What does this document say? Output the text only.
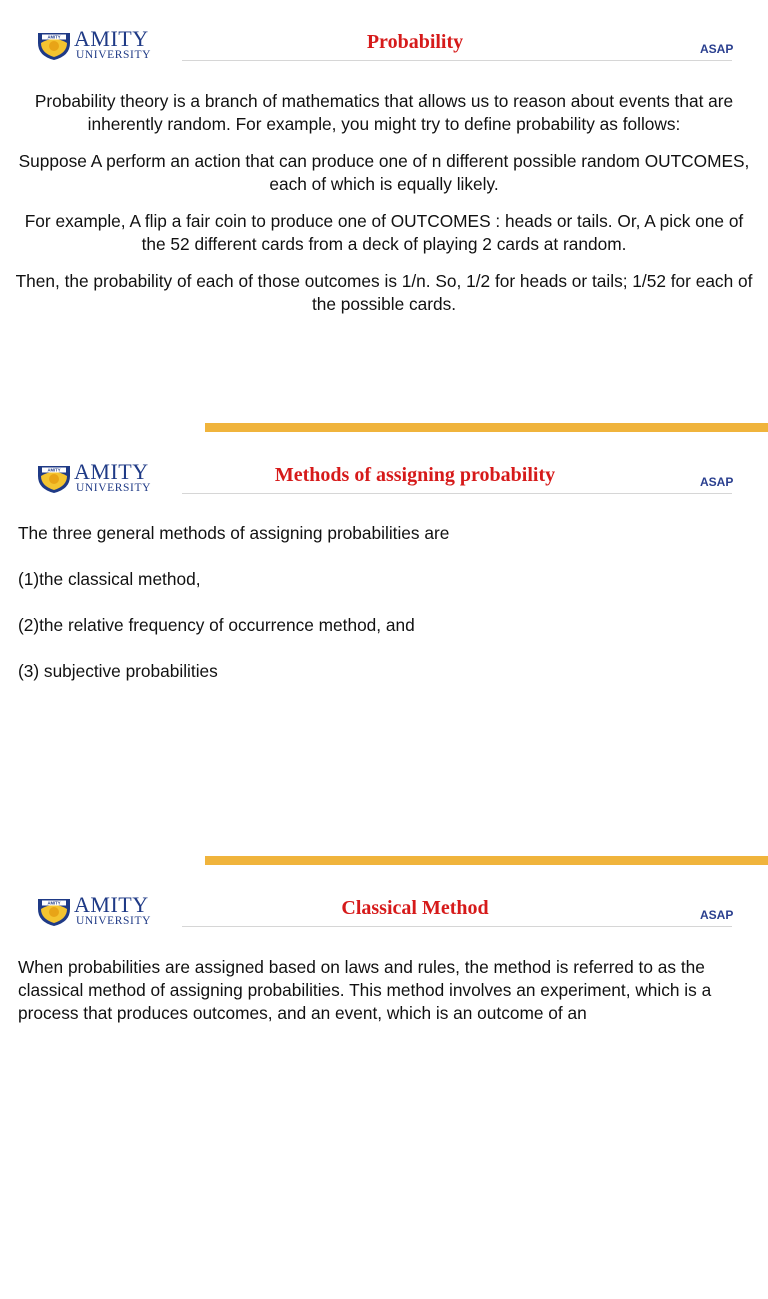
AMITY AMITY
UNIVERSITY
Probability	ASAP

Probability theory is a branch of mathematics that allows us to reason about events that are inherently random. For example, you might try to define probability as follows:

Suppose A perform an action that can produce one of n different possible random OUTCOMES, each of which is equally likely.

For example, A flip a fair coin to produce one of OUTCOMES : heads or tails. Or, A pick one of the 52 different cards from a deck of playing 2 cards at random.

Then, the probability of each of those outcomes is 1/n. So, 1/2 for heads or tails; 1/52 for each of the possible cards.

AMITY AMITY
UNIVERSITY
Methods of assigning probability	ASAP

The three general methods of assigning probabilities are

(1)the classical method,

(2)the relative frequency of occurrence method, and

(3) subjective probabilities

AMITY AMITY
UNIVERSITY
Classical Method	ASAP

When probabilities are assigned based on laws and rules, the method is referred to as the classical method of assigning probabilities. This method involves an experiment, which is a process that produces outcomes, and an event, which is an outcome of an
